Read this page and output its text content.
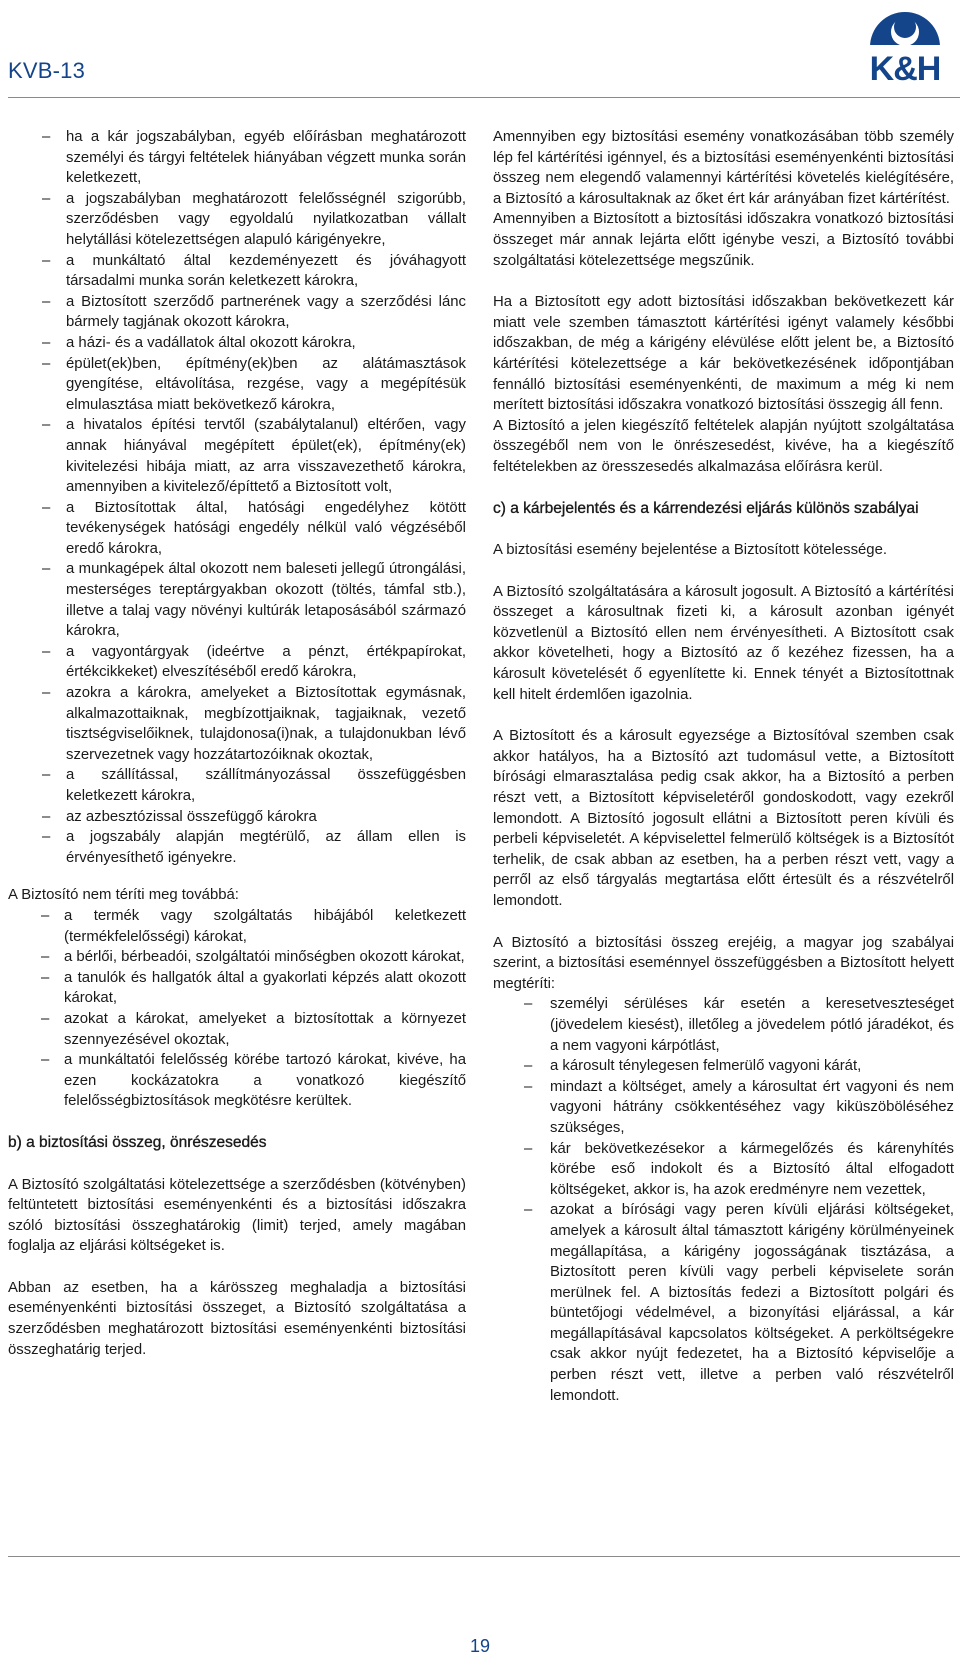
KVB-13	K&H
– ha a kár jogszabályban, egyéb előírásban meghatározott személyi és tárgyi feltételek hiányában végzett munka során keletkezett,
– a jogszabályban meghatározott felelősségnél szigorúbb, szerződésben vagy egyoldalú nyilatkozatban vállalt helytállási kötelezettségen alapuló kárigényekre,
– a munkáltató által kezdeményezett és jóváhagyott társadalmi munka során keletkezett károkra,
– a Biztosított szerződő partnerének vagy a szerződési lánc bármely tagjának okozott károkra,
– a házi- és a vadállatok által okozott károkra,
– épület(ek)ben, építmény(ek)ben az alátámasztások gyengítése, eltávolítása, rezgése, vagy a megépítésük elmulasztása miatt bekövetkező károkra,
– a hivatalos építési tervtől (szabálytalanul) eltérően, vagy annak hiányával megépített épület(ek), építmény(ek) kivitelezési hibája miatt, az arra visszavezethető károkra, amennyiben a kivitelező/építtető a Biztosított volt,
– a Biztosítottak által, hatósági engedélyhez kötött tevékenységek hatósági engedély nélkül való végzéséből eredő károkra,
– a munkagépek által okozott nem baleseti jellegű útrongálási, mesterséges tereptárgyakban okozott (töltés, támfal stb.), illetve a talaj vagy növényi kultúrák letaposásából származó károkra,
– a vagyontárgyak (ideértve a pénzt, értékpapírokat, értékcikkeket) elveszítéséből eredő károkra,
– azokra a károkra, amelyeket a Biztosítottak egymásnak, alkalmazottaiknak, megbízottjaiknak, tagjaiknak, vezető tisztségviselőiknek, tulajdonosa(i)nak, a tulajdonukban lévő szervezetnek vagy hozzátartozóiknak okoztak,
– a szállítással, szállítmányozással összefüggésben keletkezett károkra,
– az azbesztózissal összefüggő károkra
– a jogszabály alapján megtérülő, az állam ellen is érvényesíthető igényekre.

A Biztosító nem téríti meg továbbá:

– a termék vagy szolgáltatás hibájából keletkezett (termékfelelősségi) károkat,
– a bérlői, bérbeadói, szolgáltatói minőségben okozott károkat,
– a tanulók és hallgatók által a gyakorlati képzés alatt okozott károkat,
– azokat a károkat, amelyeket a biztosítottak a környezet szennyezésével okoztak,
– a munkáltatói felelősség körébe tartozó károkat, kivéve, ha ezen kockázatokra a vonatkozó kiegészítő felelősségbiztosítások megkötésre kerültek.
b) a biztosítási összeg, önrészesedés

A Biztosító szolgáltatási kötelezettsége a szerződésben (kötvényben) feltüntetett biztosítási eseményenkénti és a biztosítási időszakra szóló biztosítási összeghatárokig (limit) terjed, amely magában foglalja az eljárási költségeket is.

Abban az esetben, ha a kárösszeg meghaladja a biztosítási eseményenkénti biztosítási összeget, a Biztosító szolgáltatása a szerződésben meghatározott biztosítási eseményenkénti biztosítási összeghatárig terjed.

Amennyiben egy biztosítási esemény vonatkozásában több személy lép fel kártérítési igénnyel, és a biztosítási eseményenkénti biztosítási összeg nem elegendő valamennyi kártérítési követelés kielégítésére, a Biztosító a károsultaknak az őket ért kár arányában fizet kártérítést.

Amennyiben a Biztosított a biztosítási időszakra vonatkozó biztosítási összeget már annak lejárta előtt igénybe veszi, a Biztosító további szolgáltatási kötelezettsége megszűnik.

Ha a Biztosított egy adott biztosítási időszakban bekövetkezett kár miatt vele szemben támasztott kártérítési igényt valamely későbbi időszakban, de még a kárigény elévülése előtt jelent be, a Biztosító kártérítési kötelezettsége a kár bekövetkezésének időpontjában fennálló biztosítási eseményenkénti, de maximum a még ki nem merített biztosítási időszakra vonatkozó biztosítási összegig áll fenn.

A Biztosító a jelen kiegészítő feltételek alapján nyújtott szolgáltatása összegéből nem von le önrészesedést, kivéve, ha a kiegészítő feltételekben az öresszesedés alkalmazása előírásra kerül.

c) a kárbejelentés és a kárrendezési eljárás különös szabályai

A biztosítási esemény bejelentése a Biztosított kötelessége.

A Biztosító szolgáltatására a károsult jogosult. A Biztosító a kártérítési összeget a károsultnak fizeti ki, a károsult azonban igényét közvetlenül a Biztosító ellen nem érvényesítheti. A Biztosított csak akkor követelheti, hogy a Biztosító az ő kezéhez fizessen, ha a károsult követelését ő egyenlítette ki. Ennek tényét a Biztosítottnak kell hitelt érdemlően igazolnia.

A Biztosított és a károsult egyezsége a Biztosítóval szemben csak akkor hatályos, ha a Biztosító azt tudomásul vette, a Biztosított bírósági elmarasztalása pedig csak akkor, ha a Biztosító a perben részt vett, a Biztosított képviseletéről gondoskodott, vagy ezekről lemondott. A Biztosító jogosult ellátni a Biztosított peren kívüli és perbeli képviseletét. A képviselettel felmerülő költségek is a Biztosítót terhelik, de csak abban az esetben, ha a perben részt vett, vagy a perről az első tárgyalás megtartása előtt értesült és a részvételről lemondott.

A Biztosító a biztosítási összeg erejéig, a magyar jog szabályai szerint, a biztosítási eseménnyel összefüggésben a Biztosított helyett megtéríti:

– személyi sérüléses kár esetén a keresetveszteséget (jövedelem kiesést), illetőleg a jövedelem pótló járadékot, és a nem vagyoni kárpótlást,
– a károsult ténylegesen felmerülő vagyoni kárát,
– mindazt a költséget, amely a károsultat ért vagyoni és nem vagyoni hátrány csökkentéséhez vagy kiküszöböléséhez szükséges,
– kár bekövetkezésekor a kármegelőzés és kárenyhítés körébe eső indokolt és a Biztosító által elfogadott költségeket, akkor is, ha azok eredményre nem vezettek,
– azokat a bírósági vagy peren kívüli eljárási költségeket, amelyek a károsult által támasztott kárigény körülményeinek megállapítása, a kárigény jogosságának tisztázása, a Biztosított peren kívüli vagy perbeli képviselete során merülnek fel. A biztosítás fedezi a Biztosított polgári és büntetőjogi védelmével, a bizonyítási eljárással, a kár megállapításával kapcsolatos költségeket. A perköltségekre csak akkor nyújt fedezetet, ha a Biztosító képviselője a perben részt vett, illetve a perben való részvételről lemondott.
19
